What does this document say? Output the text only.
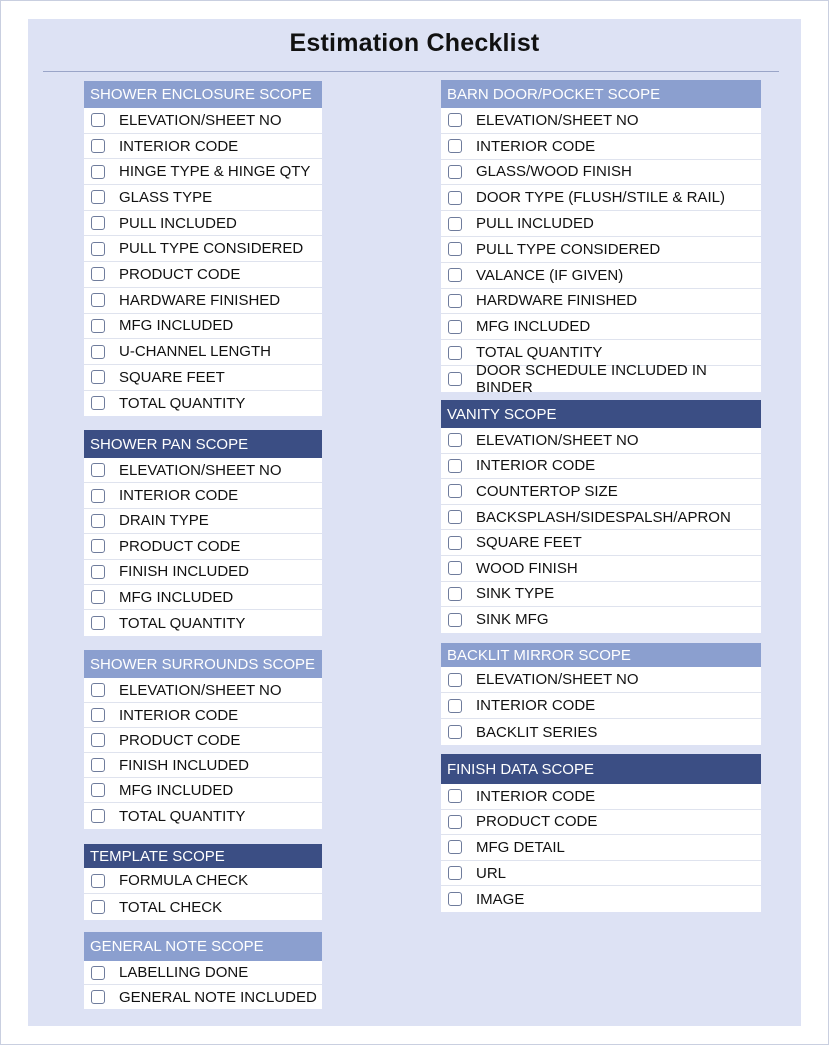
Estimation Checklist
SHOWER ENCLOSURE SCOPE
ELEVATION/SHEET NO
INTERIOR CODE
HINGE TYPE & HINGE QTY
GLASS TYPE
PULL INCLUDED
PULL TYPE CONSIDERED
PRODUCT CODE
HARDWARE FINISHED
MFG INCLUDED
U-CHANNEL LENGTH
SQUARE FEET
TOTAL QUANTITY
SHOWER PAN SCOPE
ELEVATION/SHEET NO
INTERIOR CODE
DRAIN TYPE
PRODUCT CODE
FINISH INCLUDED
MFG INCLUDED
TOTAL QUANTITY
SHOWER SURROUNDS SCOPE
ELEVATION/SHEET NO
INTERIOR CODE
PRODUCT CODE
FINISH INCLUDED
MFG INCLUDED
TOTAL QUANTITY
TEMPLATE SCOPE
FORMULA CHECK
TOTAL CHECK
GENERAL NOTE SCOPE
LABELLING DONE
GENERAL NOTE INCLUDED
BARN DOOR/POCKET SCOPE
ELEVATION/SHEET NO
INTERIOR CODE
GLASS/WOOD FINISH
DOOR TYPE (FLUSH/STILE & RAIL)
PULL INCLUDED
PULL TYPE CONSIDERED
VALANCE (IF GIVEN)
HARDWARE FINISHED
MFG INCLUDED
TOTAL QUANTITY
DOOR SCHEDULE INCLUDED IN BINDER
VANITY SCOPE
ELEVATION/SHEET NO
INTERIOR CODE
COUNTERTOP SIZE
BACKSPLASH/SIDESPALSH/APRON
SQUARE FEET
WOOD FINISH
SINK TYPE
SINK MFG
BACKLIT MIRROR SCOPE
ELEVATION/SHEET NO
INTERIOR CODE
BACKLIT SERIES
FINISH DATA SCOPE
INTERIOR CODE
PRODUCT CODE
MFG DETAIL
URL
IMAGE
